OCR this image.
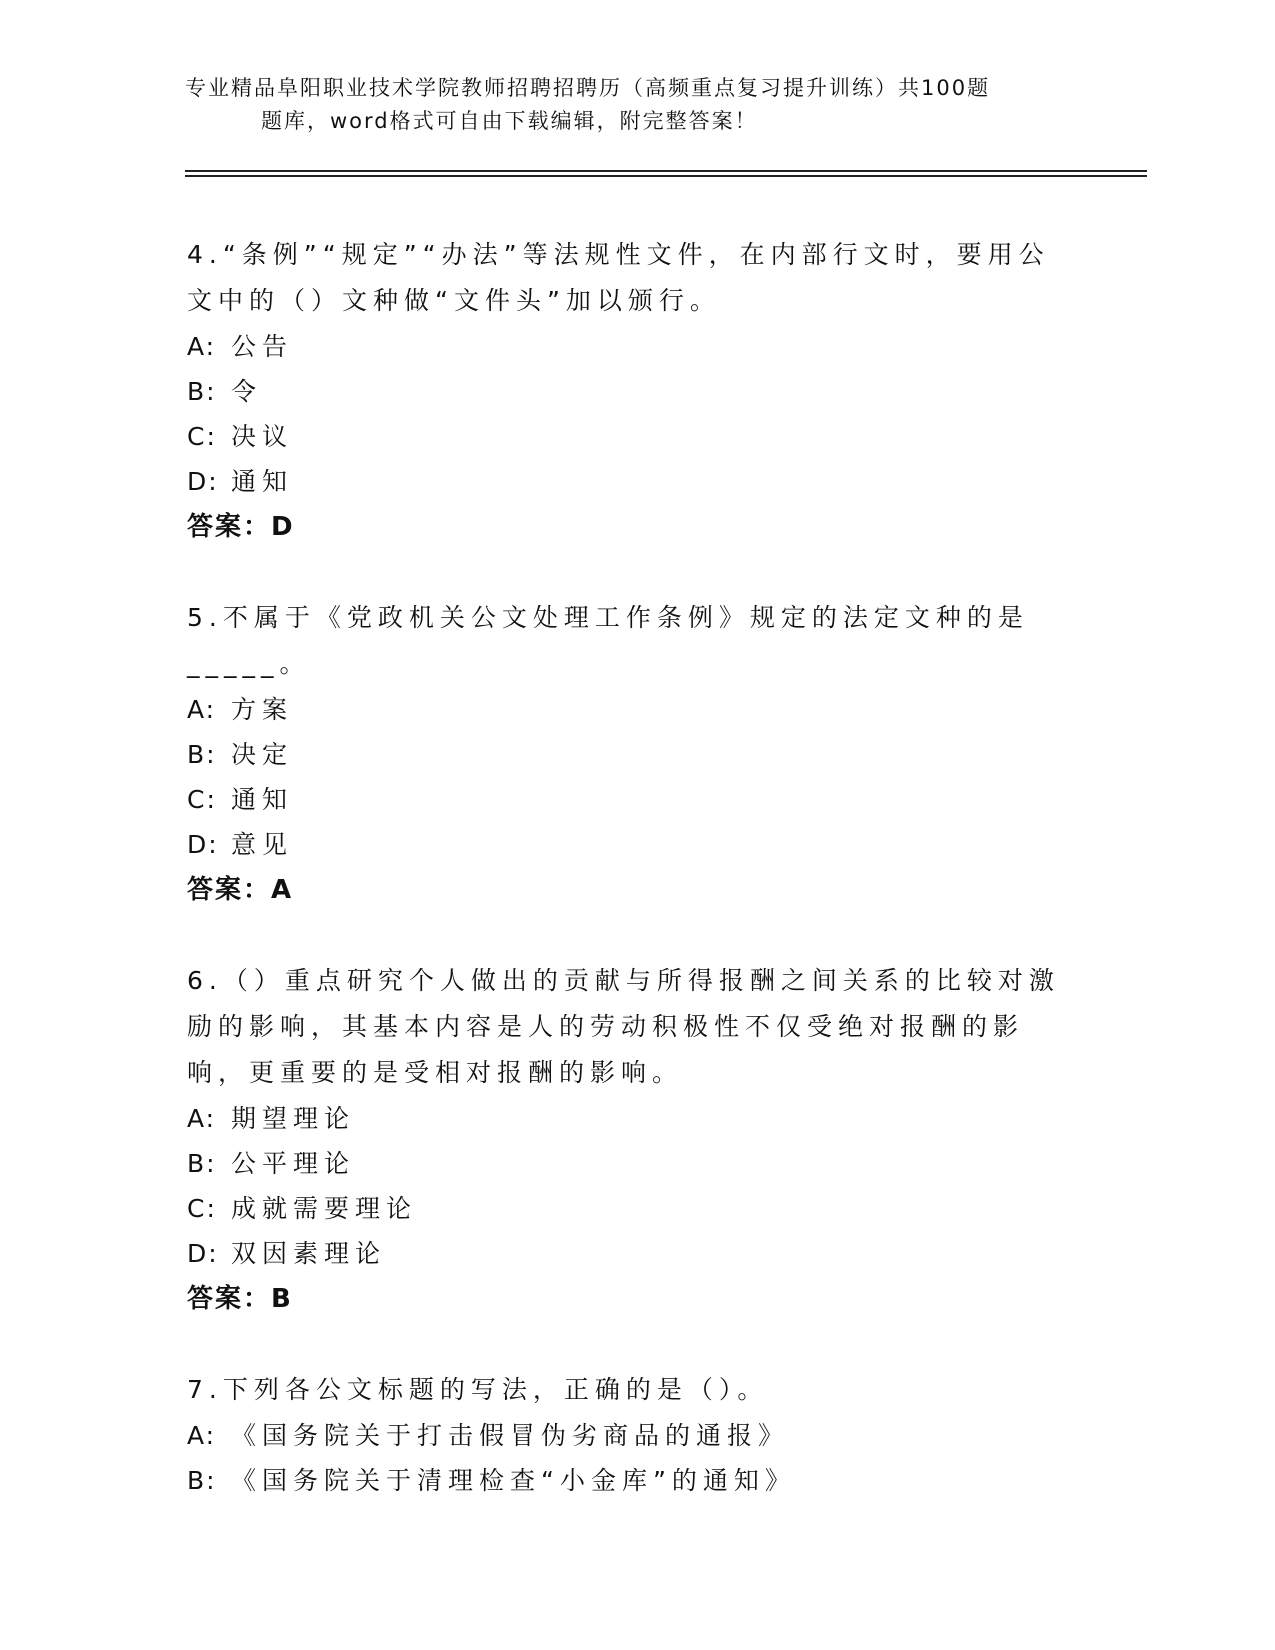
专业精品阜阳职业技术学院教师招聘招聘历（高频重点复习提升训练）共100题
题库，word格式可自由下载编辑，附完整答案！
4.“条例”“规定”“办法”等法规性文件，在内部行文时，要用公文中的（）文种做“文件头”加以颁行。
A: 公告
B: 令
C: 决议
D: 通知
答案：D
5.不属于《党政机关公文处理工作条例》规定的法定文种的是_____。
A: 方案
B: 决定
C: 通知
D: 意见
答案：A
6.（）重点研究个人做出的贡献与所得报酬之间关系的比较对激励的影响，其基本内容是人的劳动积极性不仅受绝对报酬的影响，更重要的是受相对报酬的影响。
A: 期望理论
B: 公平理论
C: 成就需要理论
D: 双因素理论
答案：B
7.下列各公文标题的写法，正确的是（）。
A: 《国务院关于打击假冒伪劣商品的通报》
B: 《国务院关于清理检查“小金库”的通知》
